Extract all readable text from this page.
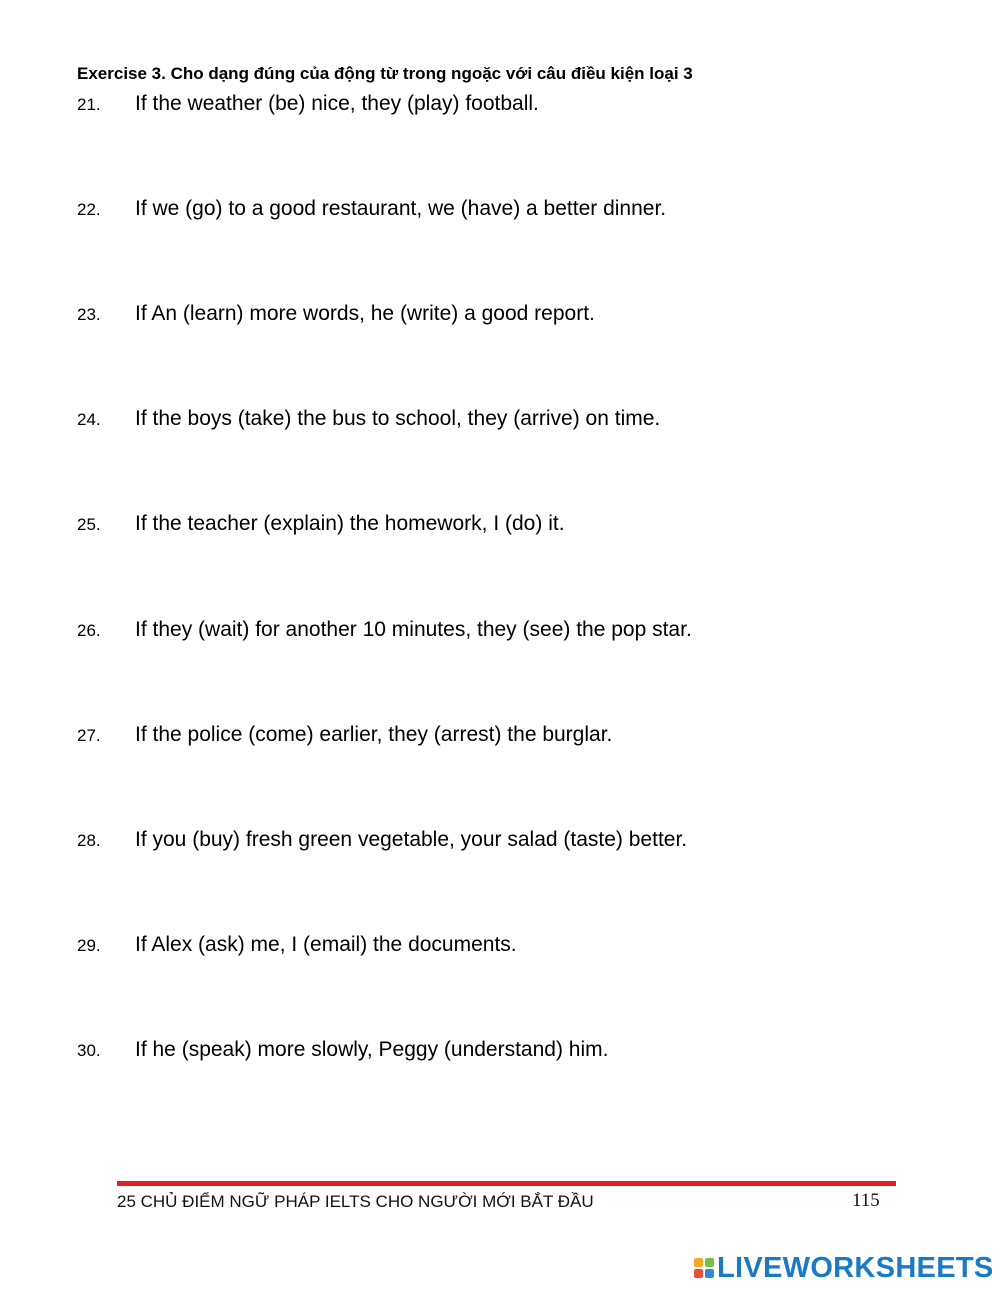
Exercise 3. Cho dạng đúng của động từ trong ngoặc với câu điều kiện loại 3
21.	If the weather (be) nice, they (play) football.
22.	If we (go) to a good restaurant, we (have) a better dinner.
23.	If An (learn) more words, he (write) a good report.
24.	If the boys (take) the bus to school, they (arrive) on time.
25.	If the teacher (explain) the homework, I (do) it.
26.	If they (wait) for another 10 minutes, they (see) the pop star.
27.	If the police (come) earlier, they (arrest) the burglar.
28.	If you (buy) fresh green vegetable, your salad (taste) better.
29.	If Alex (ask) me, I (email) the documents.
30.	If he (speak) more slowly, Peggy (understand) him.
25 CHỦ ĐIỂM NGỮ PHÁP IELTS CHO NGƯỜI MỚI BẮT ĐẦU	115
LIVEWORKSHEETS
